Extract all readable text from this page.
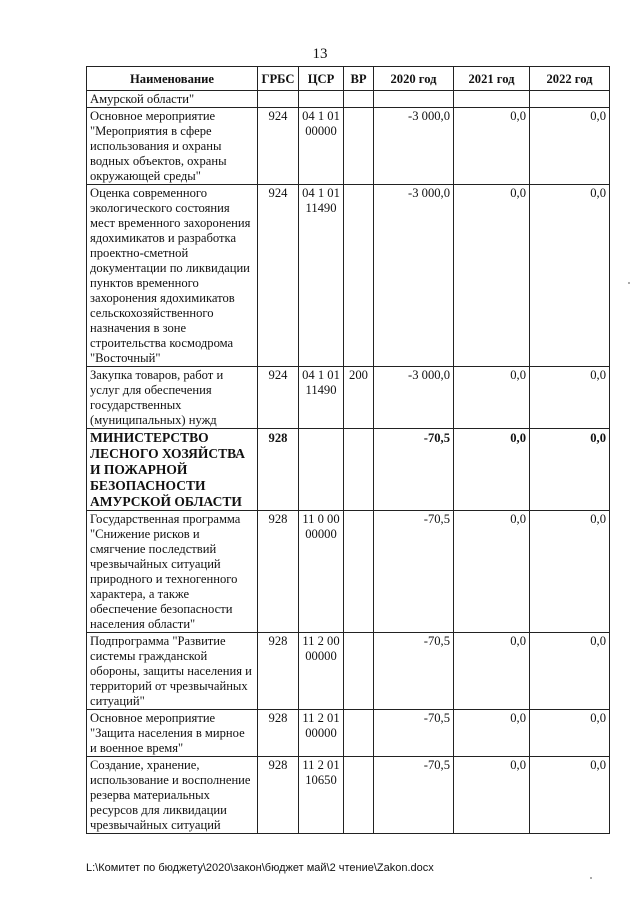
13
Наименование	ГРБС	ЦСР	ВР	2020 год	2021 год	2022 год
Амурской области"						
Основное мероприятие "Мероприятия в сфере использования и охраны водных объектов, охраны окружающей среды"	924	04 1 01 00000		-3 000,0	0,0	0,0
Оценка современного экологического состояния мест временного захоронения ядохимикатов и разработка проектно-сметной документации по ликвидации пунктов временного захоронения ядохимикатов сельскохозяйственного назначения в зоне строительства космодрома "Восточный"	924	04 1 01 11490		-3 000,0	0,0	0,0
Закупка товаров, работ и услуг для обеспечения государственных (муниципальных) нужд	924	04 1 01 11490	200	-3 000,0	0,0	0,0
МИНИСТЕРСТВО ЛЕСНОГО ХОЗЯЙСТВА И ПОЖАРНОЙ БЕЗОПАСНОСТИ АМУРСКОЙ ОБЛАСТИ	928			-70,5	0,0	0,0
Государственная программа "Снижение рисков и смягчение последствий чрезвычайных ситуаций природного и техногенного характера, а также обеспечение безопасности населения области"	928	11 0 00 00000		-70,5	0,0	0,0
Подпрограмма "Развитие системы гражданской обороны, защиты населения и территорий от чрезвычайных ситуаций"	928	11 2 00 00000		-70,5	0,0	0,0
Основное мероприятие "Защита населения в мирное и военное время"	928	11 2 01 00000		-70,5	0,0	0,0
Создание, хранение, использование и восполнение резерва материальных ресурсов для ликвидации чрезвычайных ситуаций	928	11 2 01 10650		-70,5	0,0	0,0
L:\Комитет по бюджету\2020\закон\бюджет май\2 чтение\Zakon.docx
